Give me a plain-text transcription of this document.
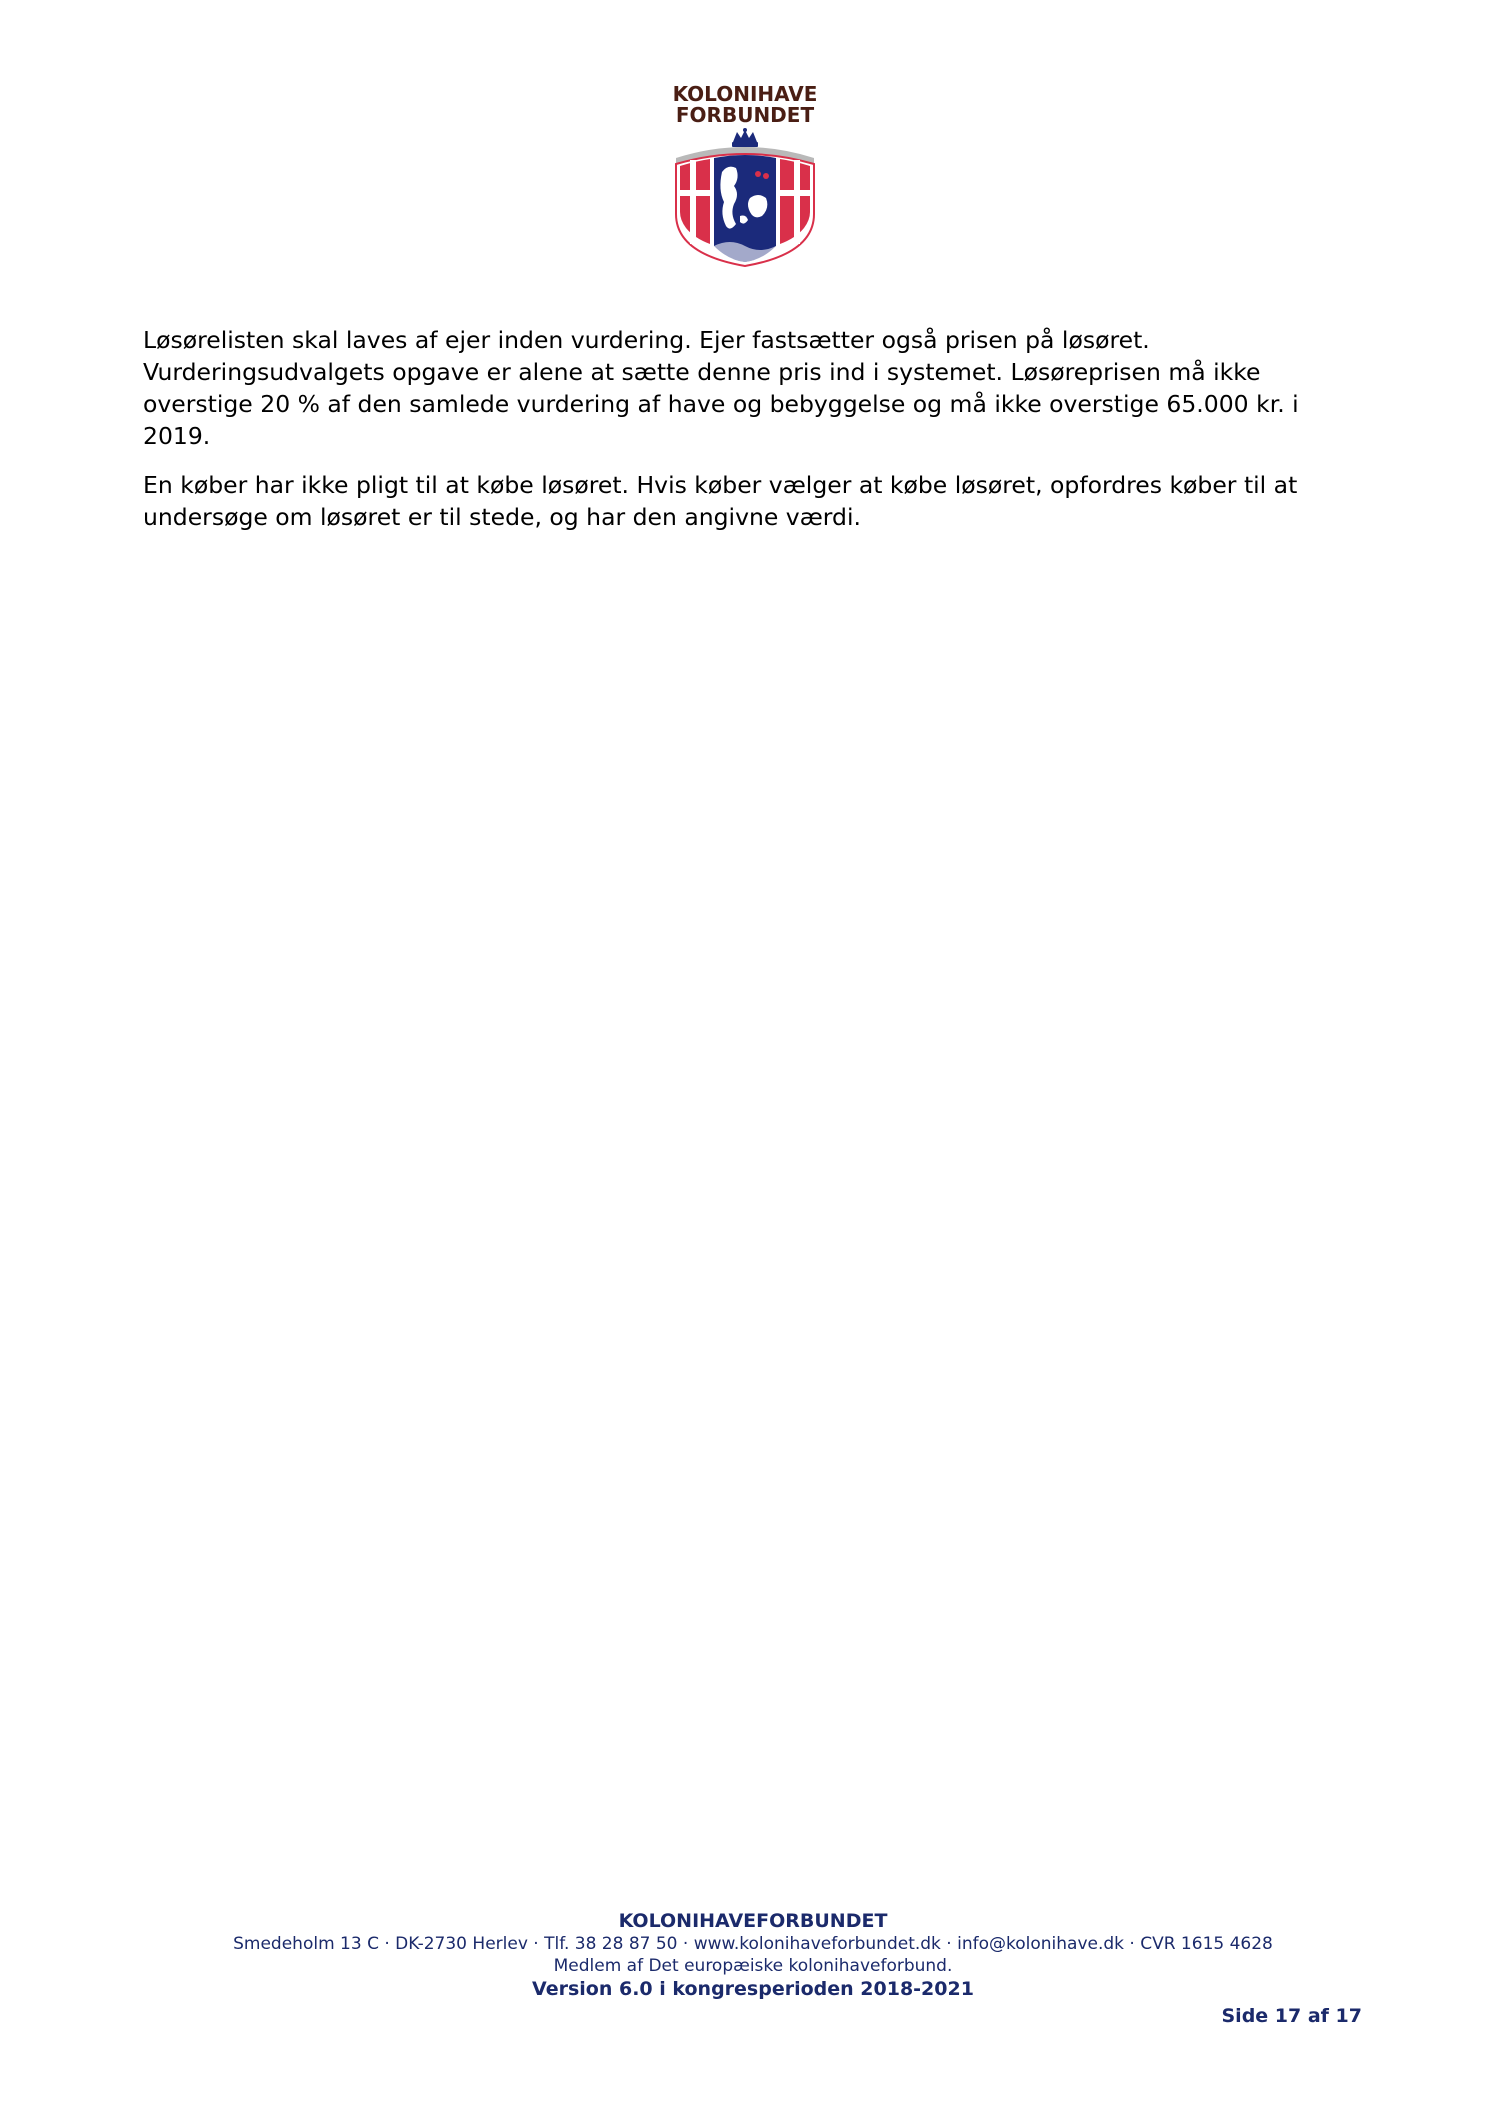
KOLONIHAVE
FORBUNDET

Løsørelisten skal laves af ejer inden vurdering. Ejer fastsætter også prisen på løsøret. Vurderingsudvalgets opgave er alene at sætte denne pris ind i systemet. Løsøreprisen må ikke overstige 20 % af den samlede vurdering af have og bebyggelse og må ikke overstige 65.000 kr. i 2019.

En køber har ikke pligt til at købe løsøret. Hvis køber vælger at købe løsøret, opfordres køber til at undersøge om løsøret er til stede, og har den angivne værdi.

KOLONIHAVEFORBUNDET
Smedeholm 13 C · DK-2730 Herlev · Tlf. 38 28 87 50 · www.kolonihaveforbundet.dk · info@kolonihave.dk · CVR 1615 4628
Medlem af Det europæiske kolonihaveforbund.
Version 6.0 i kongresperioden 2018-2021
Side 17 af 17
